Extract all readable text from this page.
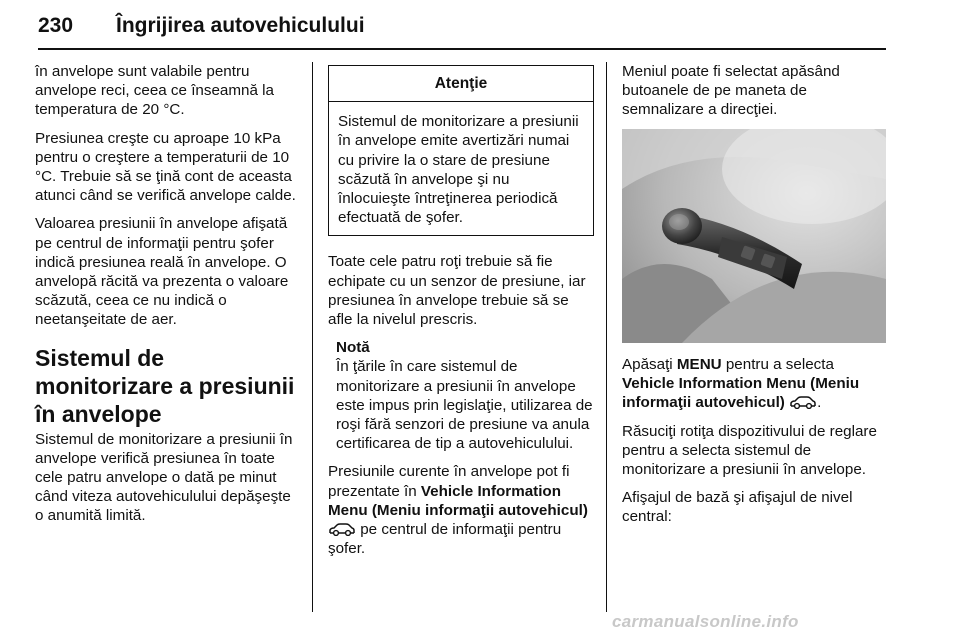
230 Îngrijirea autovehiculului

în anvelope sunt valabile pentru anvelope reci, ceea ce înseamnă la temperatura de 20 °C.

Presiunea creşte cu aproape 10 kPa pentru o creştere a temperaturii de 10 °C. Trebuie să se ţină cont de aceasta atunci când se verifică anvelope calde.

Valoarea presiunii în anvelope afişată pe centrul de informaţii pentru şofer indică presiunea reală în anvelope. O anvelopă răcită va prezenta o valoare scăzută, ceea ce nu indică o neetanşeitate de aer.

Sistemul de monitorizare a presiunii în anvelope

Sistemul de monitorizare a presiunii în anvelope verifică presiunea în toate cele patru anvelope o dată pe minut când viteza autovehiculului depăşeşte o anumită limită.

Atenţie
Sistemul de monitorizare a presiunii în anvelope emite avertizări numai cu privire la o stare de presiune scăzută în anvelope şi nu înlocuieşte întreţinerea periodică efectuată de şofer.

Toate cele patru roţi trebuie să fie echipate cu un senzor de presiune, iar presiunea în anvelope trebuie să se afle la nivelul prescris.

Notă
În ţările în care sistemul de monitorizare a presiunii în anvelope este impus prin legislaţie, utilizarea de roşi fără senzori de presiune va anula certificarea de tip a autovehiculului.

Presiunile curente în anvelope pot fi prezentate în Vehicle Information Menu (Meniu informaţii autovehicul)  pe centrul de informaţii pentru şofer.

Meniul poate fi selectat apăsând butoanele de pe maneta de semnalizare a direcţiei.

Apăsaţi MENU pentru a selecta Vehicle Information Menu (Meniu informaţii autovehicul) .

Răsuciţi rotiţa dispozitivului de reglare pentru a selecta sistemul de monitorizare a presiunii în anvelope.

Afişajul de bază şi afişajul de nivel central:

carmanualsonline.info
